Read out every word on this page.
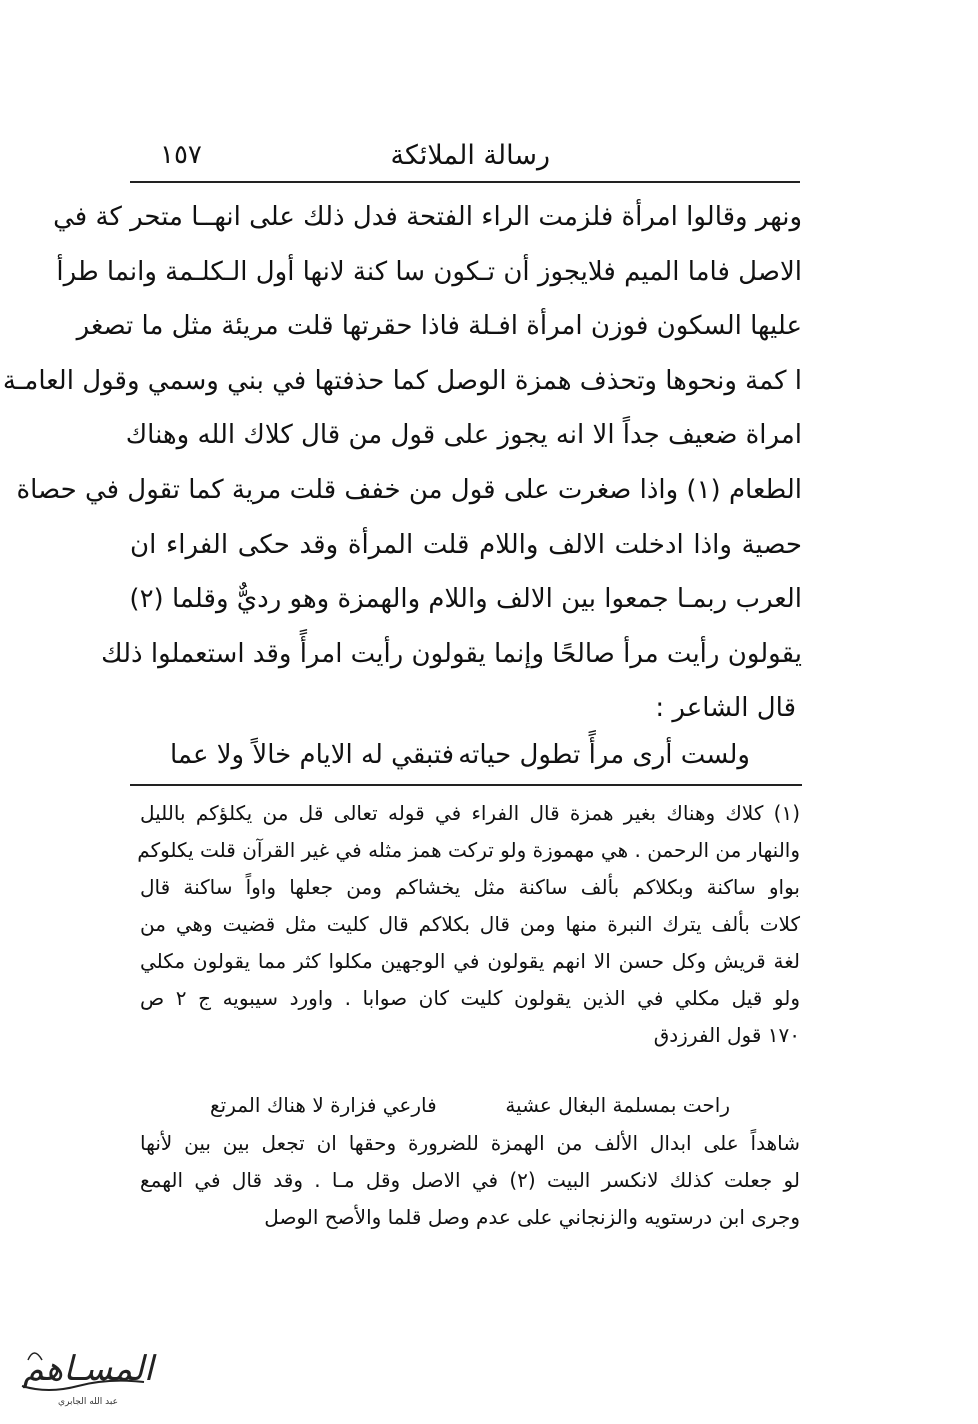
رسالة الملائكة
١٥٧
ونهر وقالوا امرأة فلزمت الراء الفتحة فدل ذلك على انهــا متحر كة في
الاصل فاما الميم فلايجوز أن تـكون سا كنة لانها أول الـكلـمة وانما طرأ
عليها السكون فوزن امرأة افـلة فاذا حقرتها قلت مريئة مثل ما تصغر
ا كمة ونحوها وتحذف همزة الوصل كما حذفتها في بني وسمي وقول العامـة
امراة ضعيف جداً الا انه يجوز على قول من قال كلاك الله وهناك
الطعام (١) واذا صغرت على قول من خفف قلت مرية كما تقول في حصاة
حصية واذا ادخلت الالف واللام قلت المرأة وقد حكى الفراء ان
العرب ربمـا جمعوا بين الالف واللام والهمزة وهو رديٌّ وقلما (٢)
يقولون رأيت مرأ صالحًا وإنما يقولون رأيت امرأً وقد استعملوا ذلك
قال الشاعر :
ولست أرى مرأً تطول حياته
فتبقي له الايام خالاً ولا عما
(١) كلاك وهناك بغير همزة قال الفراء في قوله تعالى قل من يكلؤكم بالليل
والنهار من الرحمن . هي مهموزة ولو تركت همز مثله في غير القرآن قلت يكلوكم
بواو ساكنة وبكلاكم بألف ساكنة مثل يخشاكم ومن جعلها واواً ساكنة قال
كلات بألف يترك النبرة منها ومن قال بكلاكم قال كليت مثل قضيت وهي من
لغة قريش وكل حسن الا انهم يقولون في الوجهين مكلوا كثر مما يقولون مكلي
ولو قيل مكلي في الذين يقولون كليت كان صوابا . واورد سيبويه ج ٢ ص
١٧٠ قول الفرزدق
راحت بمسلمة البغال عشية
فارعي فزارة لا هناك المرتع
شاهداً على ابدال الألف من الهمزة للضرورة وحقها ان تجعل بين بين لأنها
لو جعلت كذلك لانكسر البيت (٢) في الاصل وقل مـا . وقد قال في الهمع
وجرى ابن درستويه والزنجاني على عدم وصل قلما والأصح الوصل
المسـاهم
عبد الله الجابري
